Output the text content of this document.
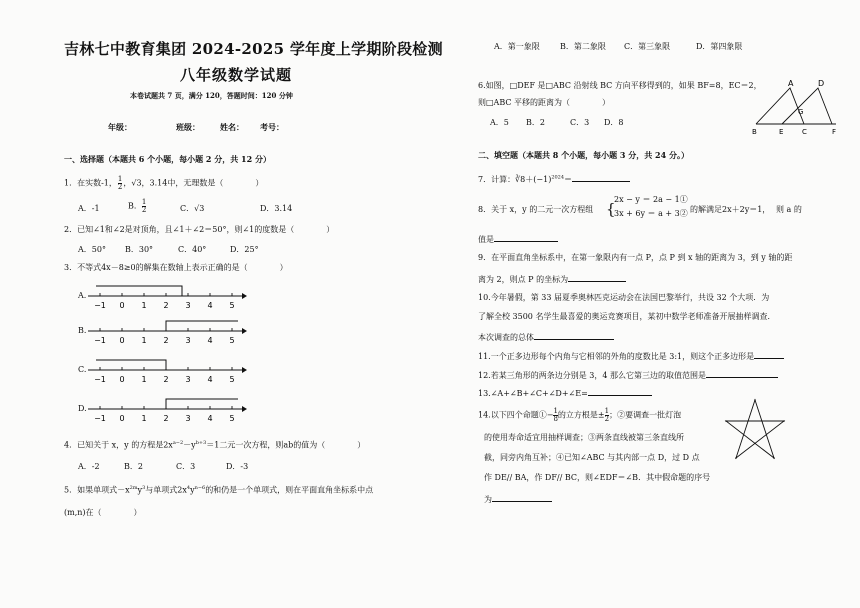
吉林七中教育集团 2024-2025 学年度上学期阶段检测
八年级数学试题
本卷试题共 7 页，满分 120，答题时间：120 分钟
年级：	班级：	姓名： 考号：
一、选择题（本题共 6 个小题，每小题 2 分，共 12 分）
1．在实数-1， $\frac{1}{2}$ ，√3，3.14中，无理数是（　　　　）
A．-1	B． $\frac{1}{2}$	C．√3	D．3.14
2．已知∠1和∠2是对顶角，且∠1＋∠2＝50°，则∠1的度数是（　　　　）
A．50° B．30°	C．40°	D．25°
3．不等式4x－8≥0的解集在数轴上表示正确的是（　　　　）
A.
−1 0 1 2 3 4 5
B.
−1 0 1 2 3 4 5
C.
−1 0 1 2 3 4 5
D.
−1 0 1 2 3 4 5
4．已知关于 x，y 的方程是$2x^{a-2}-y^{b+3}=1$二元一次方程，则ab的值为（　　　　）
A．-2	B．2	C．3	D．-3
5．如果单项式$-x^{2m}y^3$与单项式$2x^4y^{n-6}$的和仍是一个单项式，则在平面直角坐标系中点
(m,n)在（　　　　）
A．第一象限	B．第二象限 C．第三象限	D．第四象限
6.如图，□DEF 是□ABC 沿射线 BC 方向平移得到的，如果 BF=8，EC＝2，
则□ABC 平移的距离为（　　　　）
A．5 B．2	C．3 D．8
A	D
G
B	E	C	F
二、填空题（本题共 8 个小题，每小题 3 分，共 24 分。）
7．计算：$∛8+(-1)^{2024}=$
8．关于 x，y 的二元一次方程组 {
2x − y ＝ 2a − 1①
3x + 6y ＝ a + 3② 的解满足2x＋2y＝1， 则 a 的
值是
9．在平面直角坐标系中，在第一象限内有一点 P，点 P 到 x 轴的距离为 3，到 y 轴的距
离为 2，则点 P 的坐标为
10.今年暑假，第 33 届夏季奥林匹克运动会在法国巴黎举行，共设 32 个大项．为
了解全校 3500 名学生最喜爱的奥运竞赛项目，某初中数学老师准备开展抽样调查．
本次调查的总体
11.一个正多边形每个内角与它相邻的外角的度数比是 3:1，则这个正多边形是
12.若某三角形的两条边分别是 3，4 那么它第三边的取值范围是
13.∠A+∠B+∠C+∠D+∠E=
14.以下四个命题①− $\frac{1}{8}$ 的立方根是± $\frac{1}{2}$ ；②要调查一批灯泡
的使用寿命适宜用抽样调查；③两条直线被第三条直线所
截，同旁内角互补；④已知∠ABC 与其内部一点 D，过 D 点
作 DE// BA，作 DF// BC，则∠EDF＝∠B．其中假命题的序号
为
